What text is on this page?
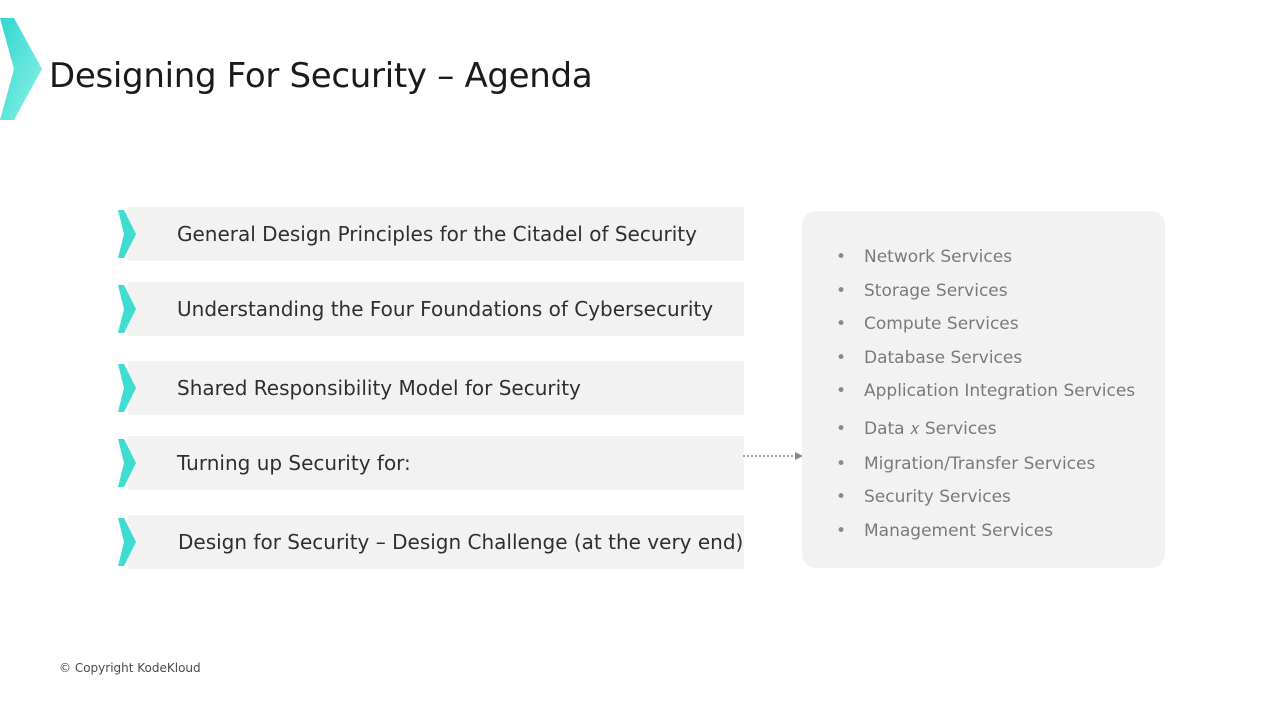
Designing For Security – Agenda
General Design Principles for the Citadel of Security
Understanding the Four Foundations of Cybersecurity
Shared Responsibility Model for Security
Turning up Security for:
Design for Security – Design Challenge (at the very end)
• Network Services
• Storage Services
• Compute Services
• Database Services
• Application Integration Services
• Data 𝑥 Services
• Migration/Transfer Services
• Security Services
• Management Services
© Copyright KodeKloud
